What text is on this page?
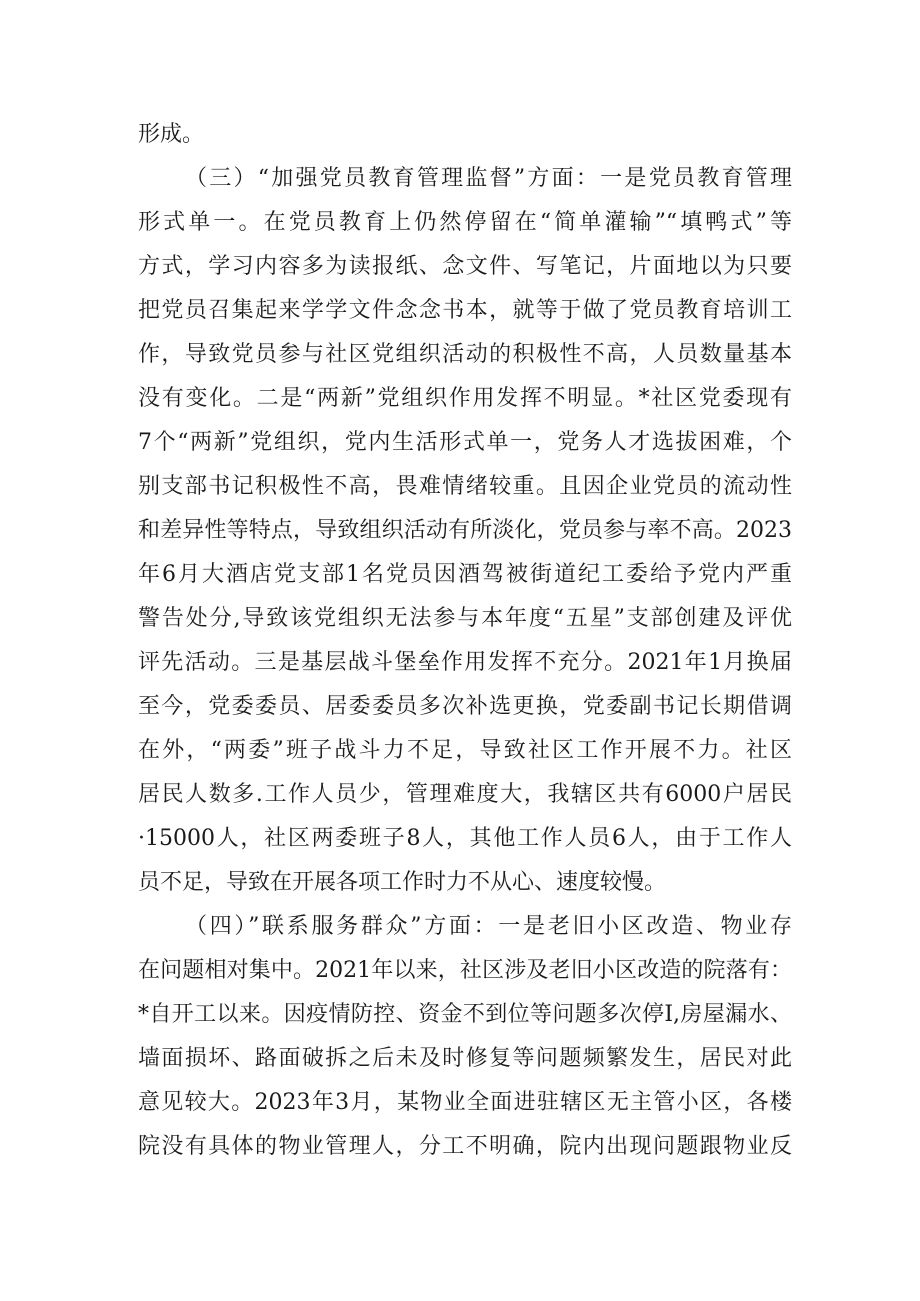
形成。
（三）“加强党员教育管理监督”方面：一是党员教育管理
形式单一。在党员教育上仍然停留在“简单灌输”“填鸭式”等
方式，学习内容多为读报纸、念文件、写笔记，片面地以为只要
把党员召集起来学学文件念念书本，就等于做了党员教育培训工
作，导致党员参与社区党组织活动的积极性不高，人员数量基本
没有变化。二是“两新”党组织作用发挥不明显。*社区党委现有
7个“两新”党组织，党内生活形式单一，党务人才选拔困难，个
别支部书记积极性不高，畏难情绪较重。且因企业党员的流动性
和差异性等特点，导致组织活动有所淡化，党员参与率不高。2023
年6月大酒店党支部1名党员因酒驾被街道纪工委给予党内严重
警告处分,导致该党组织无法参与本年度“五星”支部创建及评优
评先活动。三是基层战斗堡垒作用发挥不充分。2021年1月换届
至今，党委委员、居委委员多次补选更换，党委副书记长期借调
在外，“两委”班子战斗力不足，导致社区工作开展不力。社区
居民人数多.工作人员少，管理难度大，我辖区共有6000户居民
·15000人，社区两委班子8人，其他工作人员6人，由于工作人
员不足，导致在开展各项工作时力不从心、速度较慢。
（四）”联系服务群众”方面：一是老旧小区改造、物业存
在问题相对集中。2021年以来，社区涉及老旧小区改造的院落有：
*自开工以来。因疫情防控、资金不到位等问题多次停I,房屋漏水、
墙面损坏、路面破拆之后未及时修复等问题频繁发生，居民对此
意见较大。2023年3月，某物业全面进驻辖区无主管小区，各楼
院没有具体的物业管理人，分工不明确，院内出现问题跟物业反
